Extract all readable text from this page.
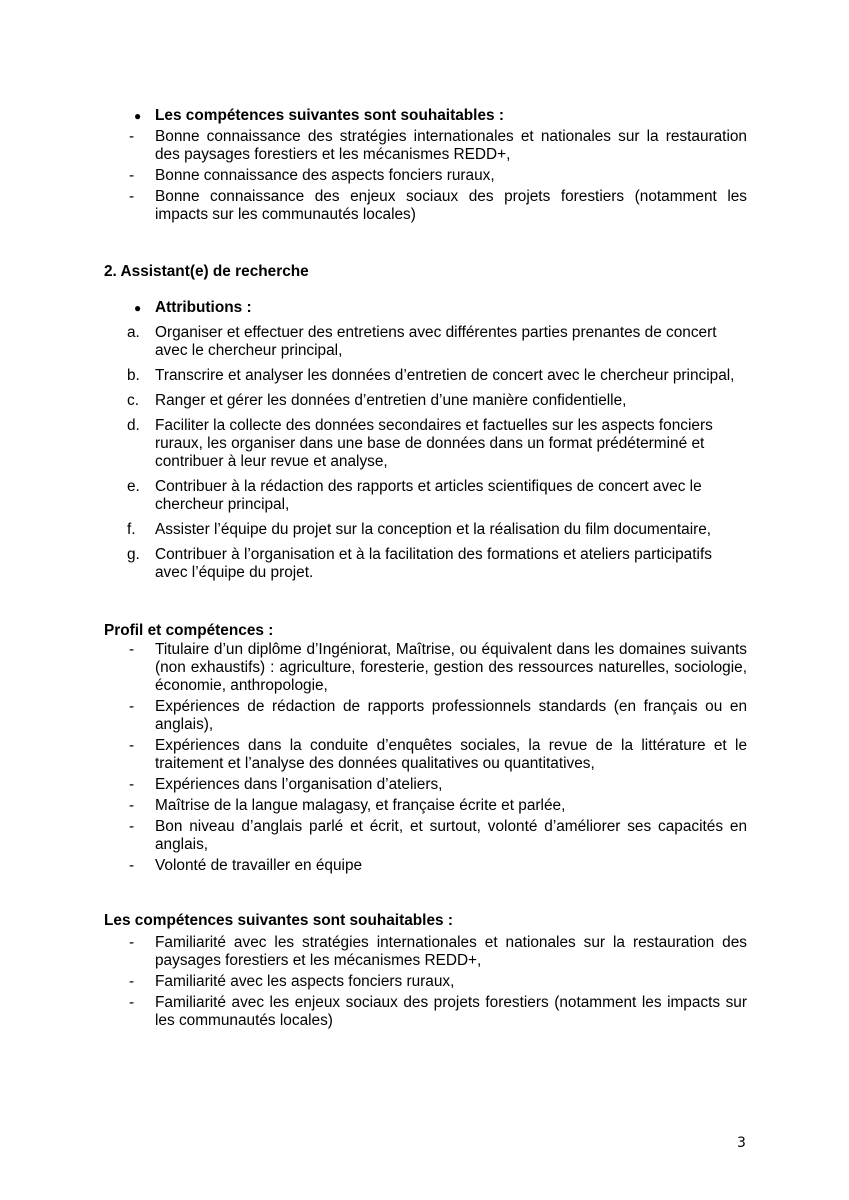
● Les compétences suivantes sont souhaitables :
- Bonne connaissance des stratégies internationales et nationales sur la restauration des paysages forestiers et les mécanismes REDD+,
- Bonne connaissance des aspects fonciers ruraux,
- Bonne connaissance des enjeux sociaux des projets forestiers (notamment les impacts sur les communautés locales)
2. Assistant(e) de recherche
● Attributions :
a. Organiser et effectuer des entretiens avec différentes parties prenantes de concert avec le chercheur principal,
b. Transcrire et analyser les données d’entretien de concert avec le chercheur principal,
c. Ranger et gérer les données d’entretien d’une manière confidentielle,
d. Faciliter la collecte des données secondaires et factuelles sur les aspects fonciers ruraux, les organiser dans une base de données dans un format prédéterminé et contribuer à leur revue et analyse,
e. Contribuer à la rédaction des rapports et articles scientifiques de concert avec le chercheur principal,
f. Assister l’équipe du projet sur la conception et la réalisation du film documentaire,
g. Contribuer à l’organisation et à la facilitation des formations et ateliers participatifs avec l’équipe du projet.
Profil et compétences :
- Titulaire d’un diplôme d’Ingéniorat, Maîtrise, ou équivalent dans les domaines suivants (non exhaustifs) : agriculture, foresterie, gestion des ressources naturelles, sociologie, économie, anthropologie,
- Expériences de rédaction de rapports professionnels standards (en français ou en anglais),
- Expériences dans la conduite d’enquêtes sociales, la revue de la littérature et le traitement et l’analyse des données qualitatives ou quantitatives,
- Expériences dans l’organisation d’ateliers,
- Maîtrise de la langue malagasy, et française écrite et parlée,
- Bon niveau d’anglais parlé et écrit, et surtout, volonté d’améliorer ses capacités en anglais,
- Volonté de travailler en équipe
Les compétences suivantes sont souhaitables :
- Familiarité avec les stratégies internationales et nationales sur la restauration des paysages forestiers et les mécanismes REDD+,
- Familiarité avec les aspects fonciers ruraux,
- Familiarité avec les enjeux sociaux des projets forestiers (notamment les impacts sur les communautés locales)
3
